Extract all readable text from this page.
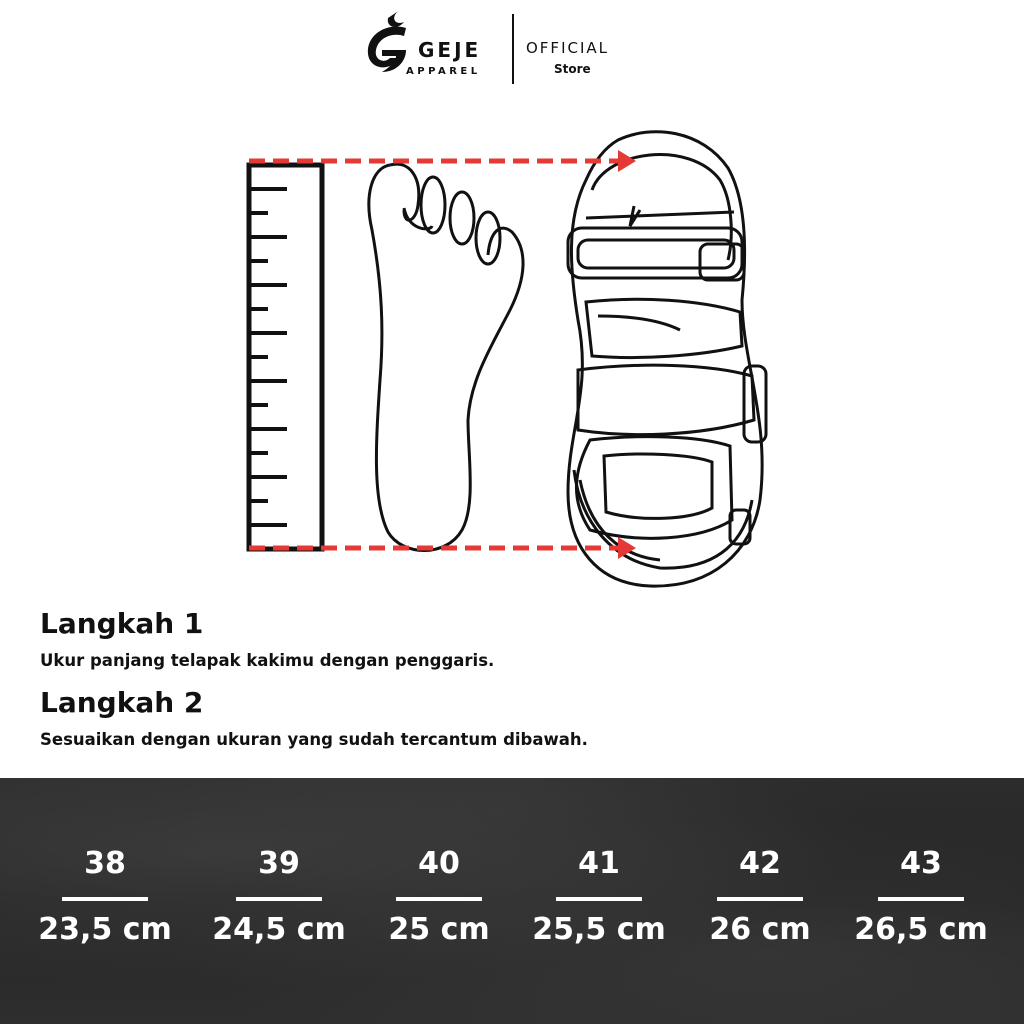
GEJE
APPAREL
OFFICIAL
Store
Langkah 1
Ukur panjang telapak kakimu dengan penggaris.
Langkah 2
Sesuaikan dengan ukuran yang sudah tercantum dibawah.
38
23,5 cm
39
24,5 cm
40
25 cm
41
25,5 cm
42
26 cm
43
26,5 cm
